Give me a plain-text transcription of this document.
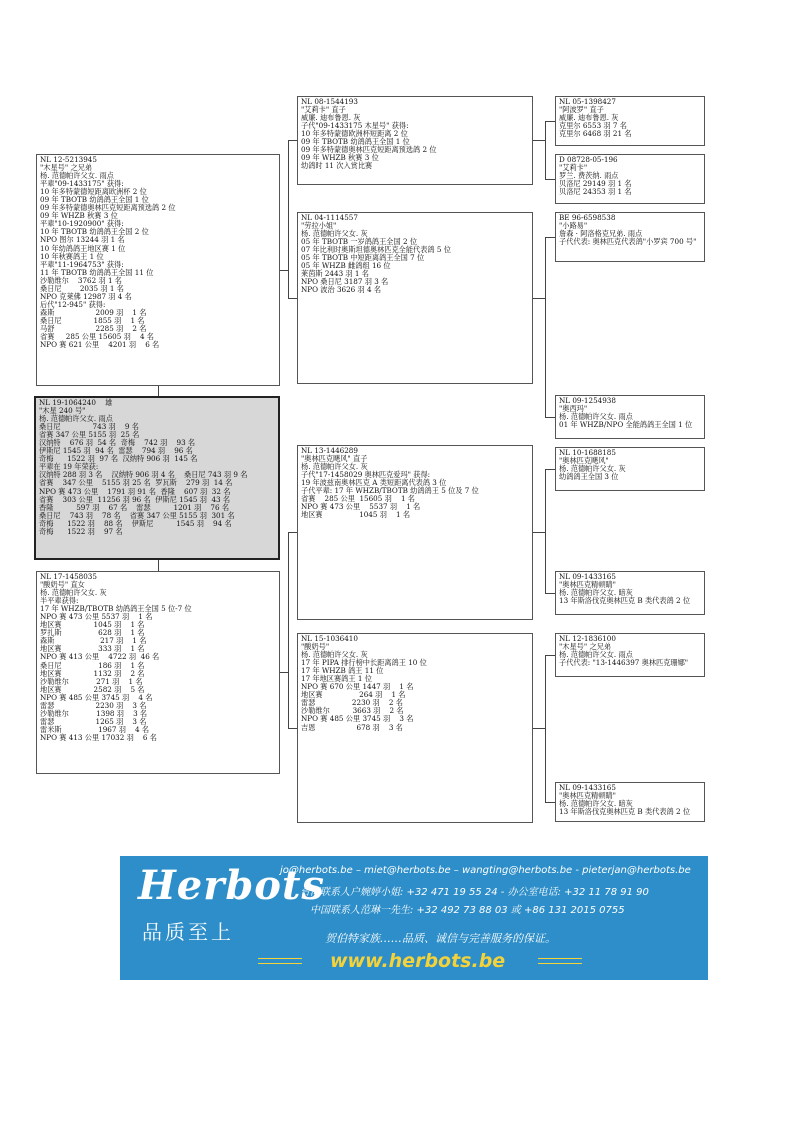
NL 08-1544193
"艾莉卡" 直子
威廉. 迪布鲁恩. 灰
子代"09-1433175 木星号" 获得:
10 年多特蒙德欧洲杯短距离 2 位
09 年 TBOTB 幼鸽鸽王全国 1 位
09 年多特蒙德奥林匹克短距离预选鸽 2 位
09 年 WHZB 秋赛 3 位
幼鸽时 11 次入赏比赛
NL 05-1398427
"阿波罗" 直子
威廉. 迪布鲁恩. 灰
克里尔 6553 羽 7 名
克里尔 6468 羽 21 名
D 08728-05-196
"艾莉卡"
罗兰. 费茨纳. 雨点
贝洛尼 29149 羽 1 名
贝洛尼 24353 羽 1 名
NL 12-5213945
"木星号" 之兄弟
杨. 范德帕许父女. 雨点
平辈"09-1433175" 获得:
10 年多特蒙德短距离欧洲杯 2 位
09 年 TBOTB 幼鸽鸽王全国 1 位
09 年多特蒙德奥林匹克短距离预选鸽 2 位
09 年 WHZB 秋赛 3 位
平辈"10-1920900" 获得:
10 年 TBOTB 幼鸽鸽王全国 2 位
NPO 图尔 13244 羽 1 名
10 年幼鸽鸽王地区赛 1 位
10 年秋赛鸽王 1 位
平辈"11-1964753" 获得:
11 年 TBOTB 幼鸽鸽王全国 11 位
沙勒维尔    3762 羽 1 名
桑日尼        2035 羽 1 名
NPO 克莱佛 12987 羽 4 名
后代"12-945" 获得:
森斯                  2009 羽    1 名
桑日尼              1855 羽    1 名
马舒                  2285 羽    2 名
省赛     285 公里 15605 羽    4 名
NPO 赛 621 公里    4201 羽    6 名
NL 04-1114557
"劳拉小姐"
杨. 范德帕许父女. 灰
05 年 TBOTB 一岁鸽鸽王全国 2 位
07 年比利时奥斯坦德奥林匹克全能代表鸽 5 位
05 年 TBOTB 中短距离鸽王全国 7 位
05 年 WHZB 雌鸽组 16 位
莱茵斯 2443 羽 1 名
NPO 桑日尼 3187 羽 3 名
NPO 波治 3626 羽 4 名
BE 96-6598538
"小路易"
詹森 · 阿洛格克兄弟. 雨点
子代代表: 奥林匹克代表鸽"小罗宾 700 号"
NL 19-1064240    雄
"木星 240 号"
杨. 范德帕许父女. 雨点
桑日尼              743 羽    9 名
省赛 347 公里 5155 羽  25 名
汉纳特    676 羽  54 名  奇梅    742 羽    93 名
伊斯尼 1545 羽  94 名  雷瑟    794 羽    96 名
奇梅      1522 羽  97 名  汉纳特 906 羽  145 名
平辈在 19 年荣获:
汉纳特 288 羽 3 名    汉纳特 906 羽 4 名    桑日尼 743 羽 9 名
省赛    347 公里    5155 羽 25 名  罗瓦斯    279 羽  14 名
NPO 赛 473 公里    1791 羽 91 名  香隆    607 羽  32 名
省赛    303 公里  11256 羽 96 名  伊斯尼 1545 羽  43 名
香隆          597 羽    67 名    雷瑟          1201 羽    76 名
桑日尼    743 羽    78 名    省赛 347 公里 5155 羽  301 名
奇梅      1522 羽    88 名    伊斯尼          1545 羽    94 名
奇梅      1522 羽    97 名
NL 09-1254938
"奥西玛"
杨. 范德帕许父女. 雨点
01 年 WHZB/NPO 全能鸽鸽王全国 1 位
NL 13-1446289
"奥林匹克飓风" 直子
杨. 范德帕许父女. 灰
子代"17-1458029 奥林匹克爱玛" 获得:
19 年波兹南奥林匹克 A 类短距离代表鸽 3 位
子代平辈: 17 年 WHZB/TBOTB 幼鸽鸽王 5 位及 7 位
省赛    285 公里  15605 羽    1 名
NPO 赛 473 公里    5537 羽    1 名
地区赛                1045 羽    1 名
NL 10-1688185
"奥林匹克飓风"
杨. 范德帕许父女. 灰
幼鸽鸽王全国 3 位
NL 17-1458035
"酸奶号" 直女
杨. 范德帕许父女. 灰
半平辈获得:
17 年 WHZB/TBOTB 幼鸽鸽王全国 5 位-7 位
NPO 赛 473 公里 5537 羽    1 名
地区赛              1045 羽    1 名
罗扎斯                628 羽    1 名
森斯                    217 羽    1 名
地区赛                333 羽    1 名
NPO 赛 413 公里    4722 羽  46 名
桑日尼                186 羽    1 名
地区赛              1132 羽    2 名
沙勒维尔            271 羽    1 名
地区赛              2582 羽    5 名
NPO 赛 485 公里 3745 羽    4 名
雷瑟                  2230 羽    3 名
沙勒维尔            1398 羽    3 名
雷瑟                  1265 羽    3 名
雷米斯                1967 羽    4 名
NPO 赛 413 公里 17032 羽    6 名
NL 09-1433165
"奥林匹克精顿睛"
杨. 范德帕许父女. 暗灰
13 年斯洛伐克奥林匹克 B 类代表鸽 2 位
NL 15-1036410
"酸奶号"
杨. 范德帕许父女. 灰
17 年 PIPA 排行榜中长距离鸽王 10 位
17 年 WHZB 鸽王 11 位
17 年地区赛鸽王 1 位
NPO 赛 670 公里 1447 羽    1 名
地区赛                264 羽    1 名
雷瑟                2230 羽    2 名
沙勒维尔          3663 羽    2 名
NPO 赛 485 公里 3745 羽    3 名
吉恩                  678 羽    3 名
NL 12-1836100
"木星号" 之兄弟
杨. 范德帕许父女. 雨点
子代代表: "13-1446397 奥林匹克珊娜"
NL 09-1433165
"奥林匹克精顿睛"
杨. 范德帕许父女. 暗灰
13 年斯洛伐克奥林匹克 B 类代表鸽 2 位
Herbots
品质至上
jo@herbots.be – miet@herbots.be – wangting@herbots.be - pieterjan@herbots.be
台湾联系人户婉婷小姐: +32 471 19 55 24 - 办公室电话: +32 11 78 91 90
中国联系人范琳一先生: +32 492 73 88 03 或 +86 131 2015 0755
贺伯特家族……品质、诚信与完善服务的保证。
www.herbots.be
